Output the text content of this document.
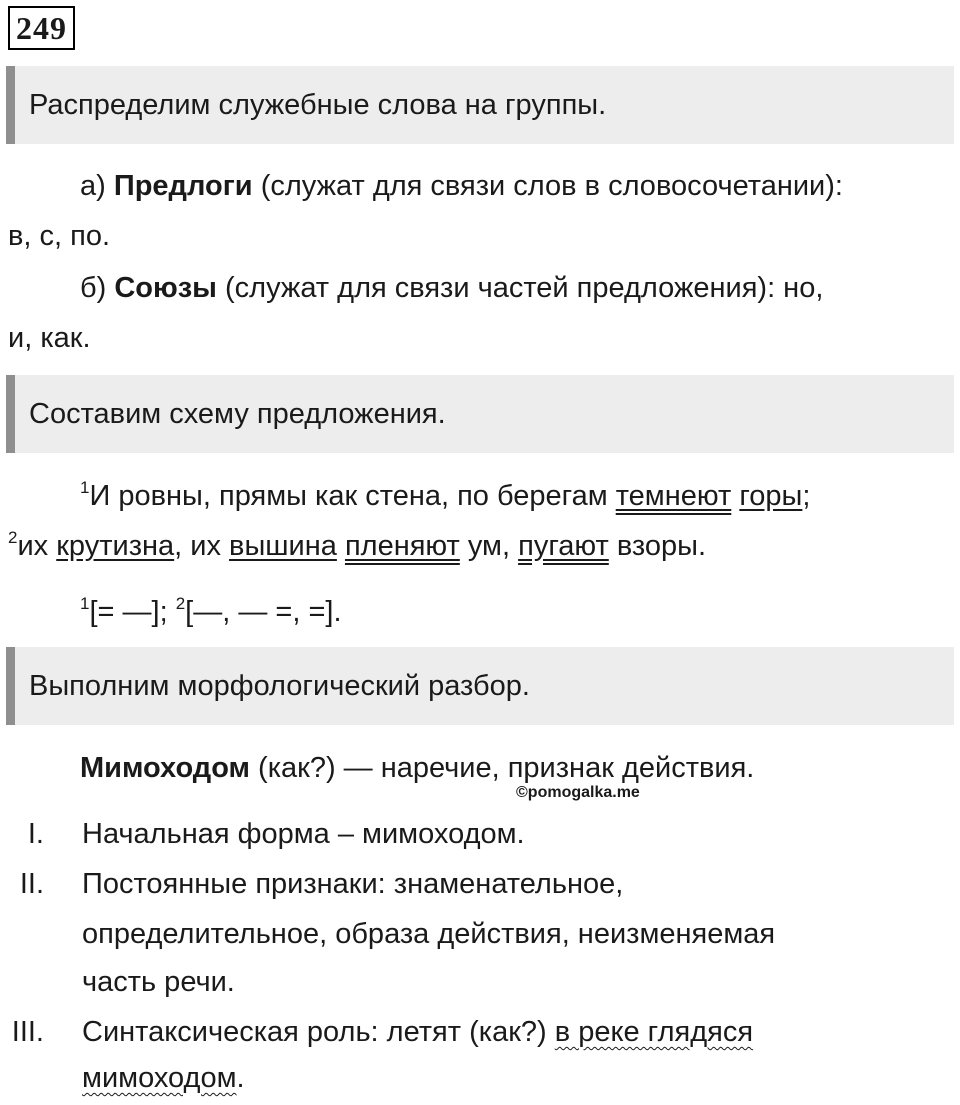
249
Распределим служебные слова на группы.
а) Предлоги (служат для связи слов в словосочетании):
в, с, по.
б) Союзы (служат для связи частей предложения): но,
и, как.
Составим схему предложения.
$^1$И ровны, прямы как стена, по берегам темнеют горы;
$^2$их крутизна, их вышина пленяют ум, пугают взоры.
$^1$[= —]; $^2$[—, — =, =].
Выполним морфологический разбор.
Мимоходом (как?) — наречие, признак действия.
©pomogalka.me
I. Начальная форма – мимоходом.
II. Постоянные признаки: знаменательное,
определительное, образа действия, неизменяемая
часть речи.
III. Синтаксическая роль: летят (как?) в реке глядяся
мимоходом.
